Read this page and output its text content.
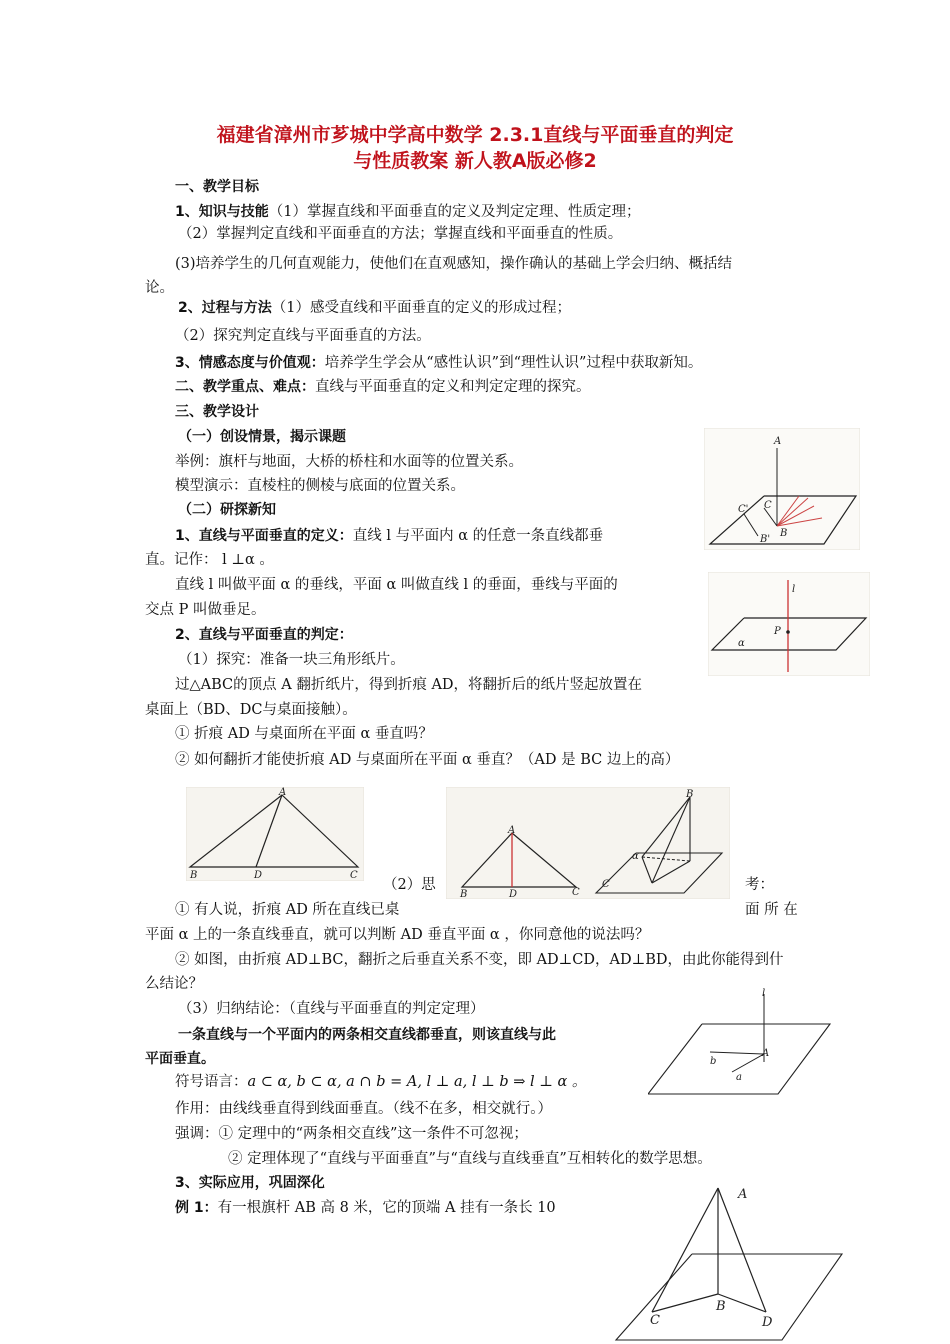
福建省漳州市芗城中学高中数学 2.3.1直线与平面垂直的判定
与性质教案 新人教A版必修2
一、教学目标
1、知识与技能（1）掌握直线和平面垂直的定义及判定定理、性质定理；
（2）掌握判定直线和平面垂直的方法；掌握直线和平面垂直的性质。
(3)培养学生的几何直观能力，使他们在直观感知，操作确认的基础上学会归纳、概括结
论。
2、过程与方法（1）感受直线和平面垂直的定义的形成过程；
（2）探究判定直线与平面垂直的方法。
3、情感态度与价值观：培养学生学会从“感性认识”到“理性认识”过程中获取新知。
二、教学重点、难点：直线与平面垂直的定义和判定定理的探究。
三、教学设计
（一）创设情景，揭示课题
举例：旗杆与地面，大桥的桥柱和水面等的位置关系。
模型演示：直棱柱的侧棱与底面的位置关系。
（二）研探新知
1、直线与平面垂直的定义：直线 l 与平面内 α 的任意一条直线都垂
直。记作： l ⊥α 。
直线 l 叫做平面 α 的垂线，平面 α 叫做直线 l 的垂面，垂线与平面的
交点 P 叫做垂足。
2、直线与平面垂直的判定：
（1）探究：准备一块三角形纸片。
过△ABC的顶点 A 翻折纸片，得到折痕 AD，将翻折后的纸片竖起放置在
桌面上（BD、DC与桌面接触）。
① 折痕 AD 与桌面所在平面 α 垂直吗？
② 如何翻折才能使折痕 AD 与桌面所在平面 α 垂直？（AD 是 BC 边上的高）
（2）思	考：
① 有人说，折痕 AD 所在直线已桌	面 所 在
平面 α 上的一条直线垂直，就可以判断 AD 垂直平面 α ，你同意他的说法吗？
② 如图，由折痕 AD⊥BC，翻折之后垂直关系不变，即 AD⊥CD，AD⊥BD，由此你能得到什
么结论？
（3）归纳结论：（直线与平面垂直的判定定理）
一条直线与一个平面内的两条相交直线都垂直，则该直线与此
平面垂直。
符号语言：a ⊂ α, b ⊂ α, a ∩ b = A, l ⊥ a, l ⊥ b ⇒ l ⊥ α 。
作用：由线线垂直得到线面垂直。（线不在多，相交就行。）
强调：① 定理中的“两条相交直线”这一条件不可忽视；
② 定理体现了“直线与平面垂直”与“直线与直线垂直”互相转化的数学思想。
3、实际应用，巩固深化
例 1：有一根旗杆 AB 高 8 米，它的顶端 A 挂有一条长 10
A
C' C
B'
B
l
P
α
A
B	D	C
A
B	D	C
B
α
C
l
b
A
a
A
B
C	D
